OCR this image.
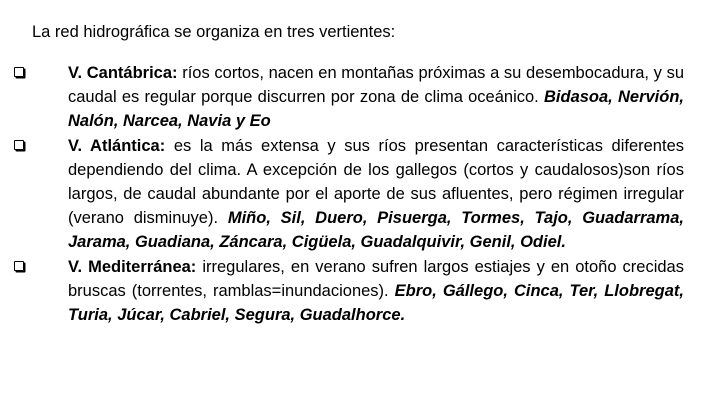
La red hidrográfica se organiza en tres vertientes:
V. Cantábrica: ríos cortos, nacen en montañas próximas a su desembocadura, y su caudal es regular porque discurren por zona de clima oceánico. Bidasoa, Nervión, Nalón, Narcea, Navia y Eo
V. Atlántica: es la más extensa y sus ríos presentan características diferentes dependiendo del clima. A excepción de los gallegos (cortos y caudalosos)son ríos largos, de caudal abundante por el aporte de sus afluentes, pero régimen irregular (verano disminuye). Miño, Sil, Duero, Pisuerga, Tormes, Tajo, Guadarrama, Jarama, Guadiana, Záncara, Cigüela, Guadalquivir, Genil, Odiel.
V. Mediterránea: irregulares, en verano sufren largos estiajes y en otoño crecidas bruscas (torrentes, ramblas=inundaciones). Ebro, Gállego, Cinca, Ter, Llobregat, Turia, Júcar, Cabriel, Segura, Guadalhorce.
